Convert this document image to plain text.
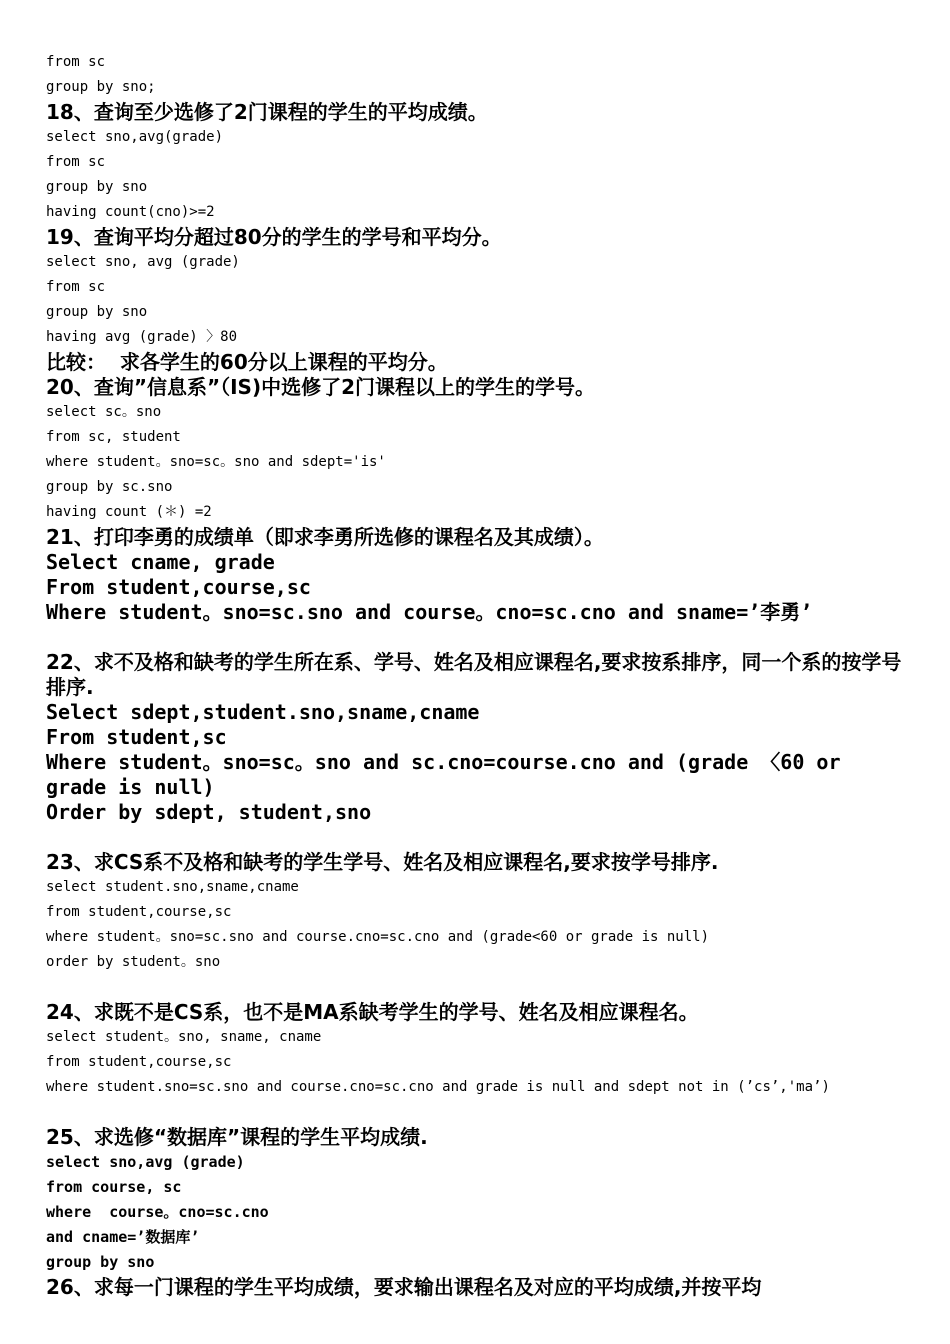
from sc
group by sno;
18、查询至少选修了2门课程的学生的平均成绩。
select sno,avg(grade)
from sc
group by sno
having count(cno)>=2
19、查询平均分超过80分的学生的学号和平均分。
select sno, avg (grade)
from sc
group by sno
having avg (grade) 〉80
比较：  求各学生的60分以上课程的平均分。
20、查询”信息系”（IS)中选修了2门课程以上的学生的学号。
select sc。sno
from sc, student
where student。sno=sc。sno and sdept='is'
group by sc.sno
having count (＊) =2
21、打印李勇的成绩单（即求李勇所选修的课程名及其成绩）。
Select cname, grade
From student,course,sc
Where student。sno=sc.sno and course。cno=sc.cno and sname=’李勇’
22、求不及格和缺考的学生所在系、学号、姓名及相应课程名,要求按系排序，同一个系的按学号排序.
Select sdept,student.sno,sname,cname
From student,sc
Where student。sno=sc。sno and sc.cno=course.cno and (grade 〈60 or grade is null)
Order by sdept, student,sno
23、求CS系不及格和缺考的学生学号、姓名及相应课程名,要求按学号排序.
select student.sno,sname,cname
from student,course,sc
where student。sno=sc.sno and course.cno=sc.cno and (grade<60 or grade is null)
order by student。sno
24、求既不是CS系，也不是MA系缺考学生的学号、姓名及相应课程名。
select student。sno, sname, cname
from student,course,sc
where student.sno=sc.sno and course.cno=sc.cno and grade is null and sdept not in (’cs’,'ma’)
25、求选修“数据库”课程的学生平均成绩.
select sno,avg (grade)
from course, sc
where  course。cno=sc.cno
and cname=’数据库’
group by sno
26、求每一门课程的学生平均成绩，要求输出课程名及对应的平均成绩,并按平均
